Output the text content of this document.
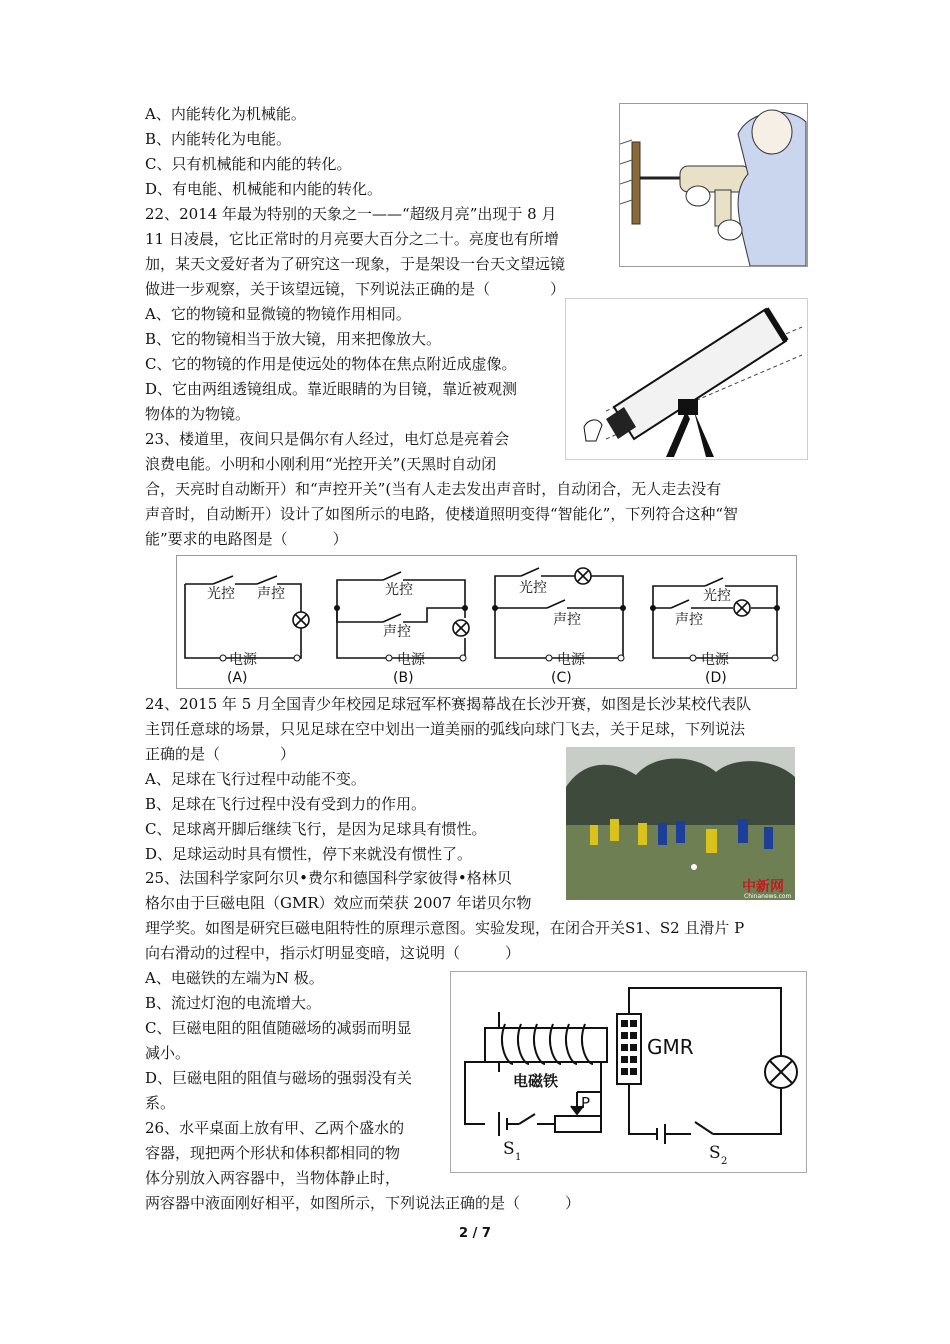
A、内能转化为机械能。
B、内能转化为电能。
C、只有机械能和内能的转化。
D、有电能、机械能和内能的转化。
22、2014 年最为特别的天象之一——“超级月亮”出现于 8 月
11 日凌晨，它比正常时的月亮要大百分之二十。亮度也有所增
加，某天文爱好者为了研究这一现象，于是架设一台天文望远镜
做进一步观察，关于该望远镜，下列说法正确的是（　　　　）
A、它的物镜和显微镜的物镜作用相同。
B、它的物镜相当于放大镜，用来把像放大。
C、它的物镜的作用是使远处的物体在焦点附近成虚像。
D、它由两组透镜组成。靠近眼睛的为目镜，靠近被观测
物体的为物镜。
23、楼道里，夜间只是偶尔有人经过，电灯总是亮着会
浪费电能。小明和小刚利用“光控开关”(天黑时自动闭
合，天亮时自动断开）和“声控开关”(当有人走去发出声音时，自动闭合，无人走去没有
声音时，自动断开）设计了如图所示的电路，使楼道照明变得“智能化”，下列符合这种“智
能”要求的电路图是（　　　）
光控 声控
电源
(A)
光控
声控
电源
(B)
光控
声控
电源
(C)
光控
声控
电源
(D)
24、2015 年 5 月全国青少年校园足球冠军杯赛揭幕战在长沙开赛，如图是长沙某校代表队
主罚任意球的场景，只见足球在空中划出一道美丽的弧线向球门飞去，关于足球，下列说法
正确的是（　　　　）
A、足球在飞行过程中动能不变。
B、足球在飞行过程中没有受到力的作用。
C、足球离开脚后继续飞行，是因为足球具有惯性。
D、足球运动时具有惯性，停下来就没有惯性了。
中新网
Chinanews.com
25、法国科学家阿尔贝•费尔和德国科学家彼得•格林贝
格尔由于巨磁电阻（GMR）效应而荣获 2007 年诺贝尔物
理学奖。如图是研究巨磁电阻特性的原理示意图。实验发现，在闭合开关S1、S2 且滑片 P
向右滑动的过程中，指示灯明显变暗，这说明（　　　）
A、电磁铁的左端为N 极。
B、流过灯泡的电流增大。
C、巨磁电阻的阻值随磁场的减弱而明显
减小。
D、巨磁电阻的阻值与磁场的强弱没有关
系。
GMR
电磁铁
P
S 1	S 2
26、水平桌面上放有甲、乙两个盛水的
容器，现把两个形状和体积都相同的物
体分别放入两容器中，当物体静止时，
两容器中液面刚好相平，如图所示，下列说法正确的是（　　　）
2 / 7
